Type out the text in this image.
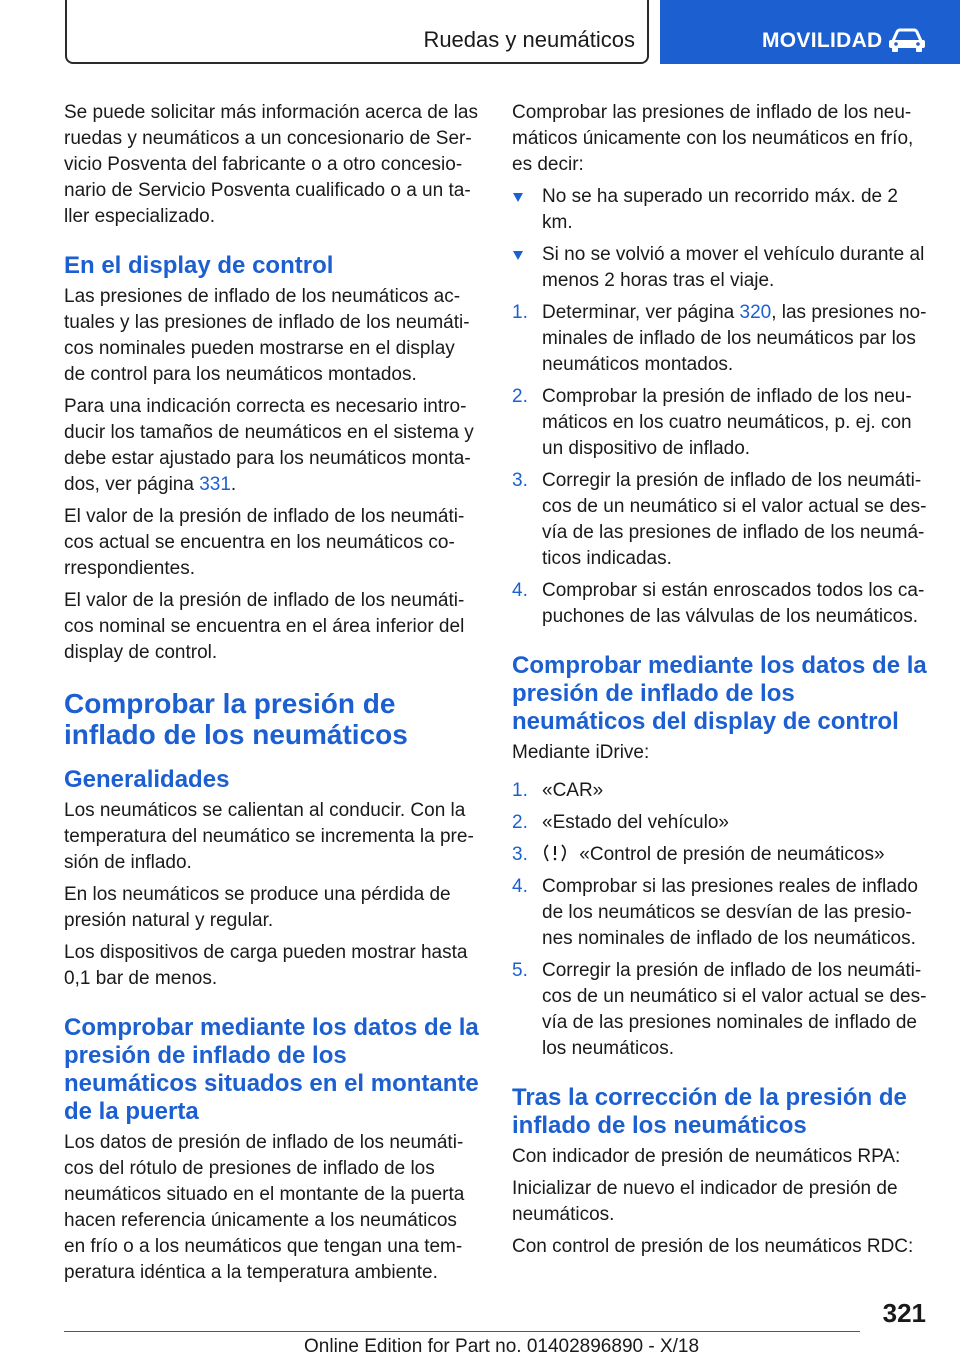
Ruedas y neumáticos	MOVILIDAD

Se puede solicitar más información acerca de las ruedas y neumáticos a un concesionario de Servicio Posventa del fabricante o a otro concesionario de Servicio Posventa cualificado o a un taller especializado.

En el display de control

Las presiones de inflado de los neumáticos actuales y las presiones de inflado de los neumáticos nominales pueden mostrarse en el display de control para los neumáticos montados.

Para una indicación correcta es necesario introducir los tamaños de neumáticos en el sistema y debe estar ajustado para los neumáticos montados, ver página 331.

El valor de la presión de inflado de los neumáticos actual se encuentra en los neumáticos correspondientes.

El valor de la presión de inflado de los neumáticos nominal se encuentra en el área inferior del display de control.

Comprobar la presión de inflado de los neumáticos
Generalidades

Los neumáticos se calientan al conducir. Con la temperatura del neumático se incrementa la presión de inflado.

En los neumáticos se produce una pérdida de presión natural y regular.

Los dispositivos de carga pueden mostrar hasta 0,1 bar de menos.

Comprobar mediante los datos de la presión de inflado de los neumáticos situados en el montante de la puerta

Los datos de presión de inflado de los neumáticos del rótulo de presiones de inflado de los neumáticos situado en el montante de la puerta hacen referencia únicamente a los neumáticos en frío o a los neumáticos que tengan una temperatura idéntica a la temperatura ambiente.

Comprobar las presiones de inflado de los neumáticos únicamente con los neumáticos en frío, es decir:

No se ha superado un recorrido máx. de 2 km.
Si no se volvió a mover el vehículo durante al menos 2 horas tras el viaje.
1. Determinar, ver página 320, las presiones nominales de inflado de los neumáticos par los neumáticos montados.
2. Comprobar la presión de inflado de los neumáticos en los cuatro neumáticos, p. ej. con un dispositivo de inflado.
3. Corregir la presión de inflado de los neumáticos de un neumático si el valor actual se desvía de las presiones de inflado de los neumáticos indicadas.
4. Comprobar si están enroscados todos los capuchones de las válvulas de los neumáticos.
Comprobar mediante los datos de la presión de inflado de los neumáticos del display de control

Mediante iDrive:

1. «CAR»
2. «Estado del vehículo»
3.	«Control de presión de neumáticos»
4. Comprobar si las presiones reales de inflado de los neumáticos se desvían de las presiones nominales de inflado de los neumáticos.
5. Corregir la presión de inflado de los neumáticos de un neumático si el valor actual se desvía de las presiones nominales de inflado de los neumáticos.
Tras la corrección de la presión de inflado de los neumáticos

Con indicador de presión de neumáticos RPA:

Inicializar de nuevo el indicador de presión de neumáticos.

Con control de presión de los neumáticos RDC:

321
Online Edition for Part no. 01402896890 - X/18
